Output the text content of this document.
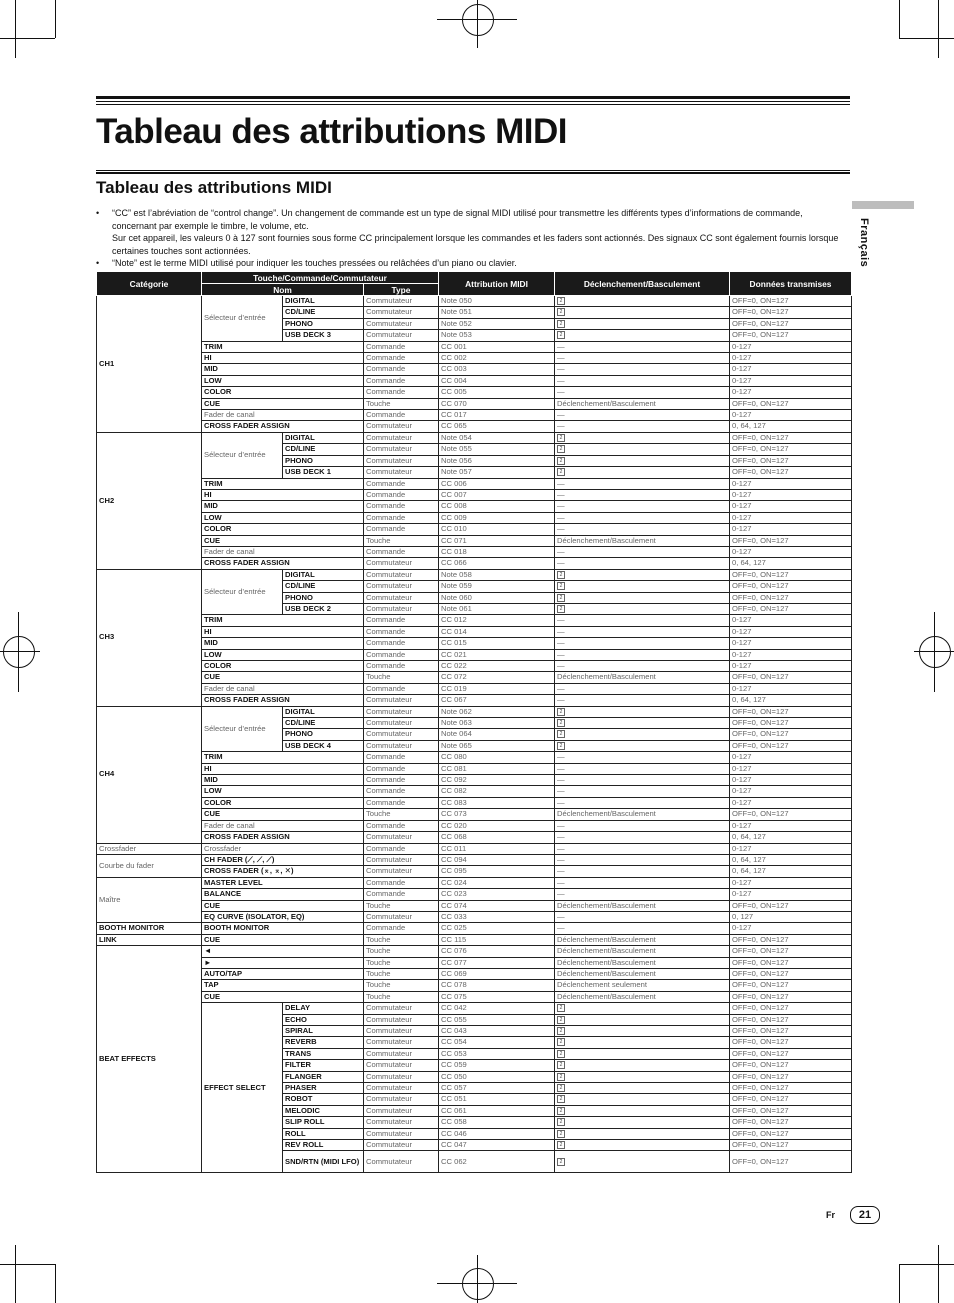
Tableau des attributions MIDI
Tableau des attributions MIDI
• “CC” est l’abréviation de “control change”. Un changement de commande est un type de signal MIDI utilisé pour transmettre les différents types d’informations de commande, concernant par exemple le timbre, le volume, etc.
Sur cet appareil, les valeurs 0 à 127 sont fournies sous forme CC principalement lorsque les commandes et les faders sont actionnés. Des signaux CC sont également fournis lorsque certaines touches sont actionnées.
• “Note” est le terme MIDI utilisé pour indiquer les touches pressées ou relâchées d’un piano ou clavier.	Français
Catégorie	Touche/Commande/Commutateur			Attribution MIDI	Déclenchement/Basculement	Données transmises
	Nom		Type			
CH1	Sélecteur d’entrée	DIGITAL	Commutateur	Note 050	2	OFF=0, ON=127
		CD/LINE	Commutateur	Note 051	2	OFF=0, ON=127
		PHONO	Commutateur	Note 052	2	OFF=0, ON=127
		USB DECK 3	Commutateur	Note 053	2	OFF=0, ON=127
	TRIM		Commande	CC 001	—	0-127
	HI		Commande	CC 002	—	0-127
	MID		Commande	CC 003	—	0-127
	LOW		Commande	CC 004	—	0-127
	COLOR		Commande	CC 005	—	0-127
	CUE		Touche	CC 070	Déclenchement/Basculement	OFF=0, ON=127
	Fader de canal		Commande	CC 017	—	0-127
	CROSS FADER ASSIGN		Commutateur	CC 065	—	0, 64, 127
CH2	Sélecteur d’entrée	DIGITAL	Commutateur	Note 054	2	OFF=0, ON=127
		CD/LINE	Commutateur	Note 055	2	OFF=0, ON=127
		PHONO	Commutateur	Note 056	2	OFF=0, ON=127
		USB DECK 1	Commutateur	Note 057	2	OFF=0, ON=127
	TRIM		Commande	CC 006	—	0-127
	HI		Commande	CC 007	—	0-127
	MID		Commande	CC 008	—	0-127
	LOW		Commande	CC 009	—	0-127
	COLOR		Commande	CC 010	—	0-127
	CUE		Touche	CC 071	Déclenchement/Basculement	OFF=0, ON=127
	Fader de canal		Commande	CC 018	—	0-127
	CROSS FADER ASSIGN		Commutateur	CC 066	—	0, 64, 127
CH3	Sélecteur d’entrée	DIGITAL	Commutateur	Note 058	2	OFF=0, ON=127
		CD/LINE	Commutateur	Note 059	2	OFF=0, ON=127
		PHONO	Commutateur	Note 060	2	OFF=0, ON=127
		USB DECK 2	Commutateur	Note 061	2	OFF=0, ON=127
	TRIM		Commande	CC 012	—	0-127
	HI		Commande	CC 014	—	0-127
	MID		Commande	CC 015	—	0-127
	LOW		Commande	CC 021	—	0-127
	COLOR		Commande	CC 022	—	0-127
	CUE		Touche	CC 072	Déclenchement/Basculement	OFF=0, ON=127
	Fader de canal		Commande	CC 019	—	0-127
	CROSS FADER ASSIGN		Commutateur	CC 067	—	0, 64, 127
CH4	Sélecteur d’entrée	DIGITAL	Commutateur	Note 062	2	OFF=0, ON=127
		CD/LINE	Commutateur	Note 063	2	OFF=0, ON=127
		PHONO	Commutateur	Note 064	2	OFF=0, ON=127
		USB DECK 4	Commutateur	Note 065	2	OFF=0, ON=127
	TRIM		Commande	CC 080	—	0-127
	HI		Commande	CC 081	—	0-127
	MID		Commande	CC 092	—	0-127
	LOW		Commande	CC 082	—	0-127
	COLOR		Commande	CC 083	—	0-127
	CUE		Touche	CC 073	Déclenchement/Basculement	OFF=0, ON=127
	Fader de canal		Commande	CC 020	—	0-127
	CROSS FADER ASSIGN		Commutateur	CC 068	—	0, 64, 127
Crossfader	Crossfader		Commande	CC 011	—	0-127
Courbe du fader	CH FADER (⟋, ⟋, ⟋)		Commutateur	CC 094	—	0, 64, 127
	CROSS FADER (⌅, ⌅, ✕)		Commutateur	CC 095	—	0, 64, 127
Maître	MASTER LEVEL		Commande	CC 024	—	0-127
	BALANCE		Commande	CC 023	—	0-127
	CUE		Touche	CC 074	Déclenchement/Basculement	OFF=0, ON=127
	EQ CURVE (ISOLATOR, EQ)		Commutateur	CC 033	—	0, 127
BOOTH MONITOR	BOOTH MONITOR		Commande	CC 025	—	0-127
LINK	CUE		Touche	CC 115	Déclenchement/Basculement	OFF=0, ON=127
BEAT EFFECTS	◄		Touche	CC 076	Déclenchement/Basculement	OFF=0, ON=127
	►		Touche	CC 077	Déclenchement/Basculement	OFF=0, ON=127
	AUTO/TAP		Touche	CC 069	Déclenchement/Basculement	OFF=0, ON=127
	TAP		Touche	CC 078	Déclenchement seulement	OFF=0, ON=127
	CUE		Touche	CC 075	Déclenchement/Basculement	OFF=0, ON=127
	EFFECT SELECT	DELAY	Commutateur	CC 042	2	OFF=0, ON=127
		ECHO	Commutateur	CC 055	2	OFF=0, ON=127
		SPIRAL	Commutateur	CC 043	2	OFF=0, ON=127
		REVERB	Commutateur	CC 054	2	OFF=0, ON=127
		TRANS	Commutateur	CC 053	2	OFF=0, ON=127
		FILTER	Commutateur	CC 059	2	OFF=0, ON=127
		FLANGER	Commutateur	CC 050	2	OFF=0, ON=127
		PHASER	Commutateur	CC 057	2	OFF=0, ON=127
		ROBOT	Commutateur	CC 051	2	OFF=0, ON=127
		MELODIC	Commutateur	CC 061	2	OFF=0, ON=127
		SLIP ROLL	Commutateur	CC 058	2	OFF=0, ON=127
		ROLL	Commutateur	CC 046	2	OFF=0, ON=127
		REV ROLL	Commutateur	CC 047	2	OFF=0, ON=127
		SND/RTN (MIDI LFO)	Commutateur	CC 062	2	OFF=0, ON=127
Fr	21
